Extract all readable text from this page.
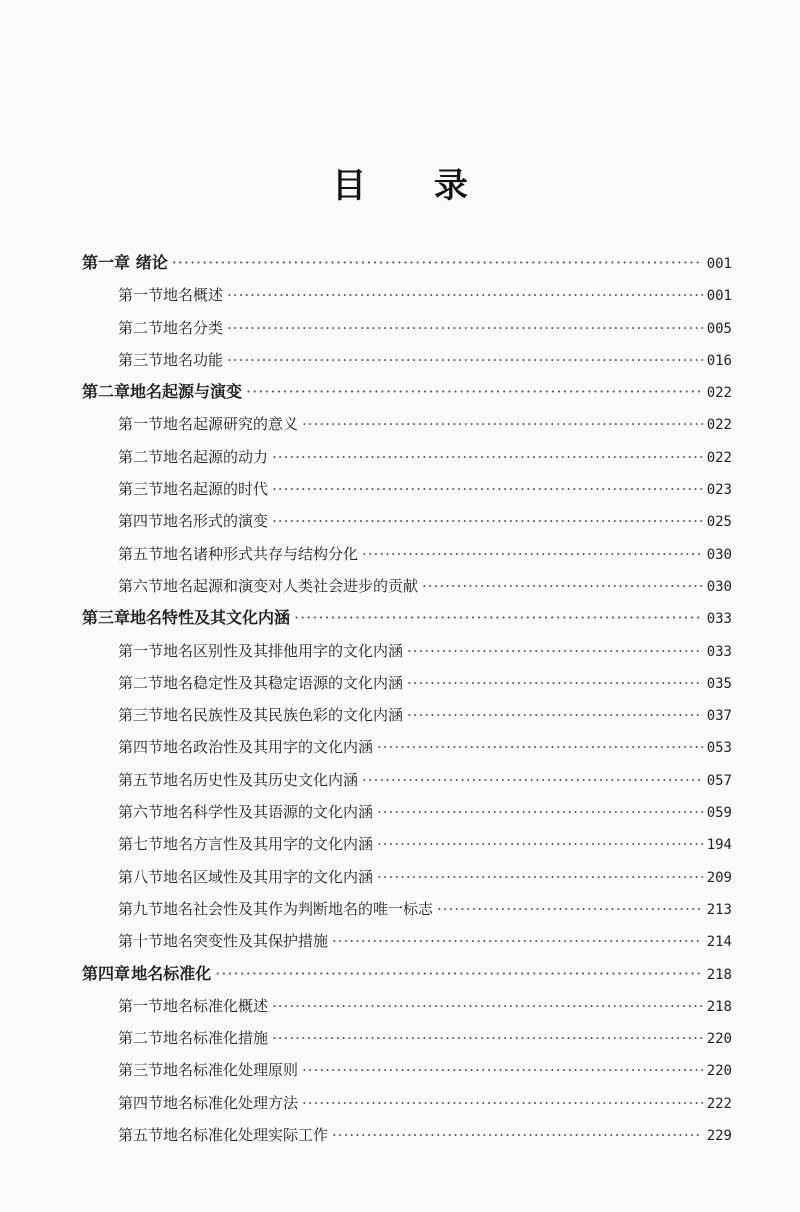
目 录
第一章 绪论 ·····	001
第一节 地名概述 ·····	001
第二节 地名分类 ·····	005
第三节 地名功能 ·····	016
第二章 地名起源与演变 ·····	022
第一节 地名起源研究的意义 ·····	022
第二节 地名起源的动力 ·····	022
第三节 地名起源的时代 ·····	023
第四节 地名形式的演变 ·····	025
第五节 地名诸种形式共存与结构分化 ·····	030
第六节 地名起源和演变对人类社会进步的贡献 ·····	030
第三章 地名特性及其文化内涵 ·····	033
第一节 地名区别性及其排他用字的文化内涵 ·····	033
第二节 地名稳定性及其稳定语源的文化内涵 ·····	035
第三节 地名民族性及其民族色彩的文化内涵 ·····	037
第四节 地名政治性及其用字的文化内涵 ·····	053
第五节 地名历史性及其历史文化内涵 ·····	057
第六节 地名科学性及其语源的文化内涵 ·····	059
第七节 地名方言性及其用字的文化内涵 ·····	194
第八节 地名区域性及其用字的文化内涵 ·····	209
第九节 地名社会性及其作为判断地名的唯一标志 ·····	213
第十节 地名突变性及其保护措施 ·····	214
第四章 地名标准化 ·····	218
第一节 地名标准化概述 ·····	218
第二节 地名标准化措施 ·····	220
第三节 地名标准化处理原则 ·····	220
第四节 地名标准化处理方法 ·····	222
第五节 地名标准化处理实际工作 ·····	229
